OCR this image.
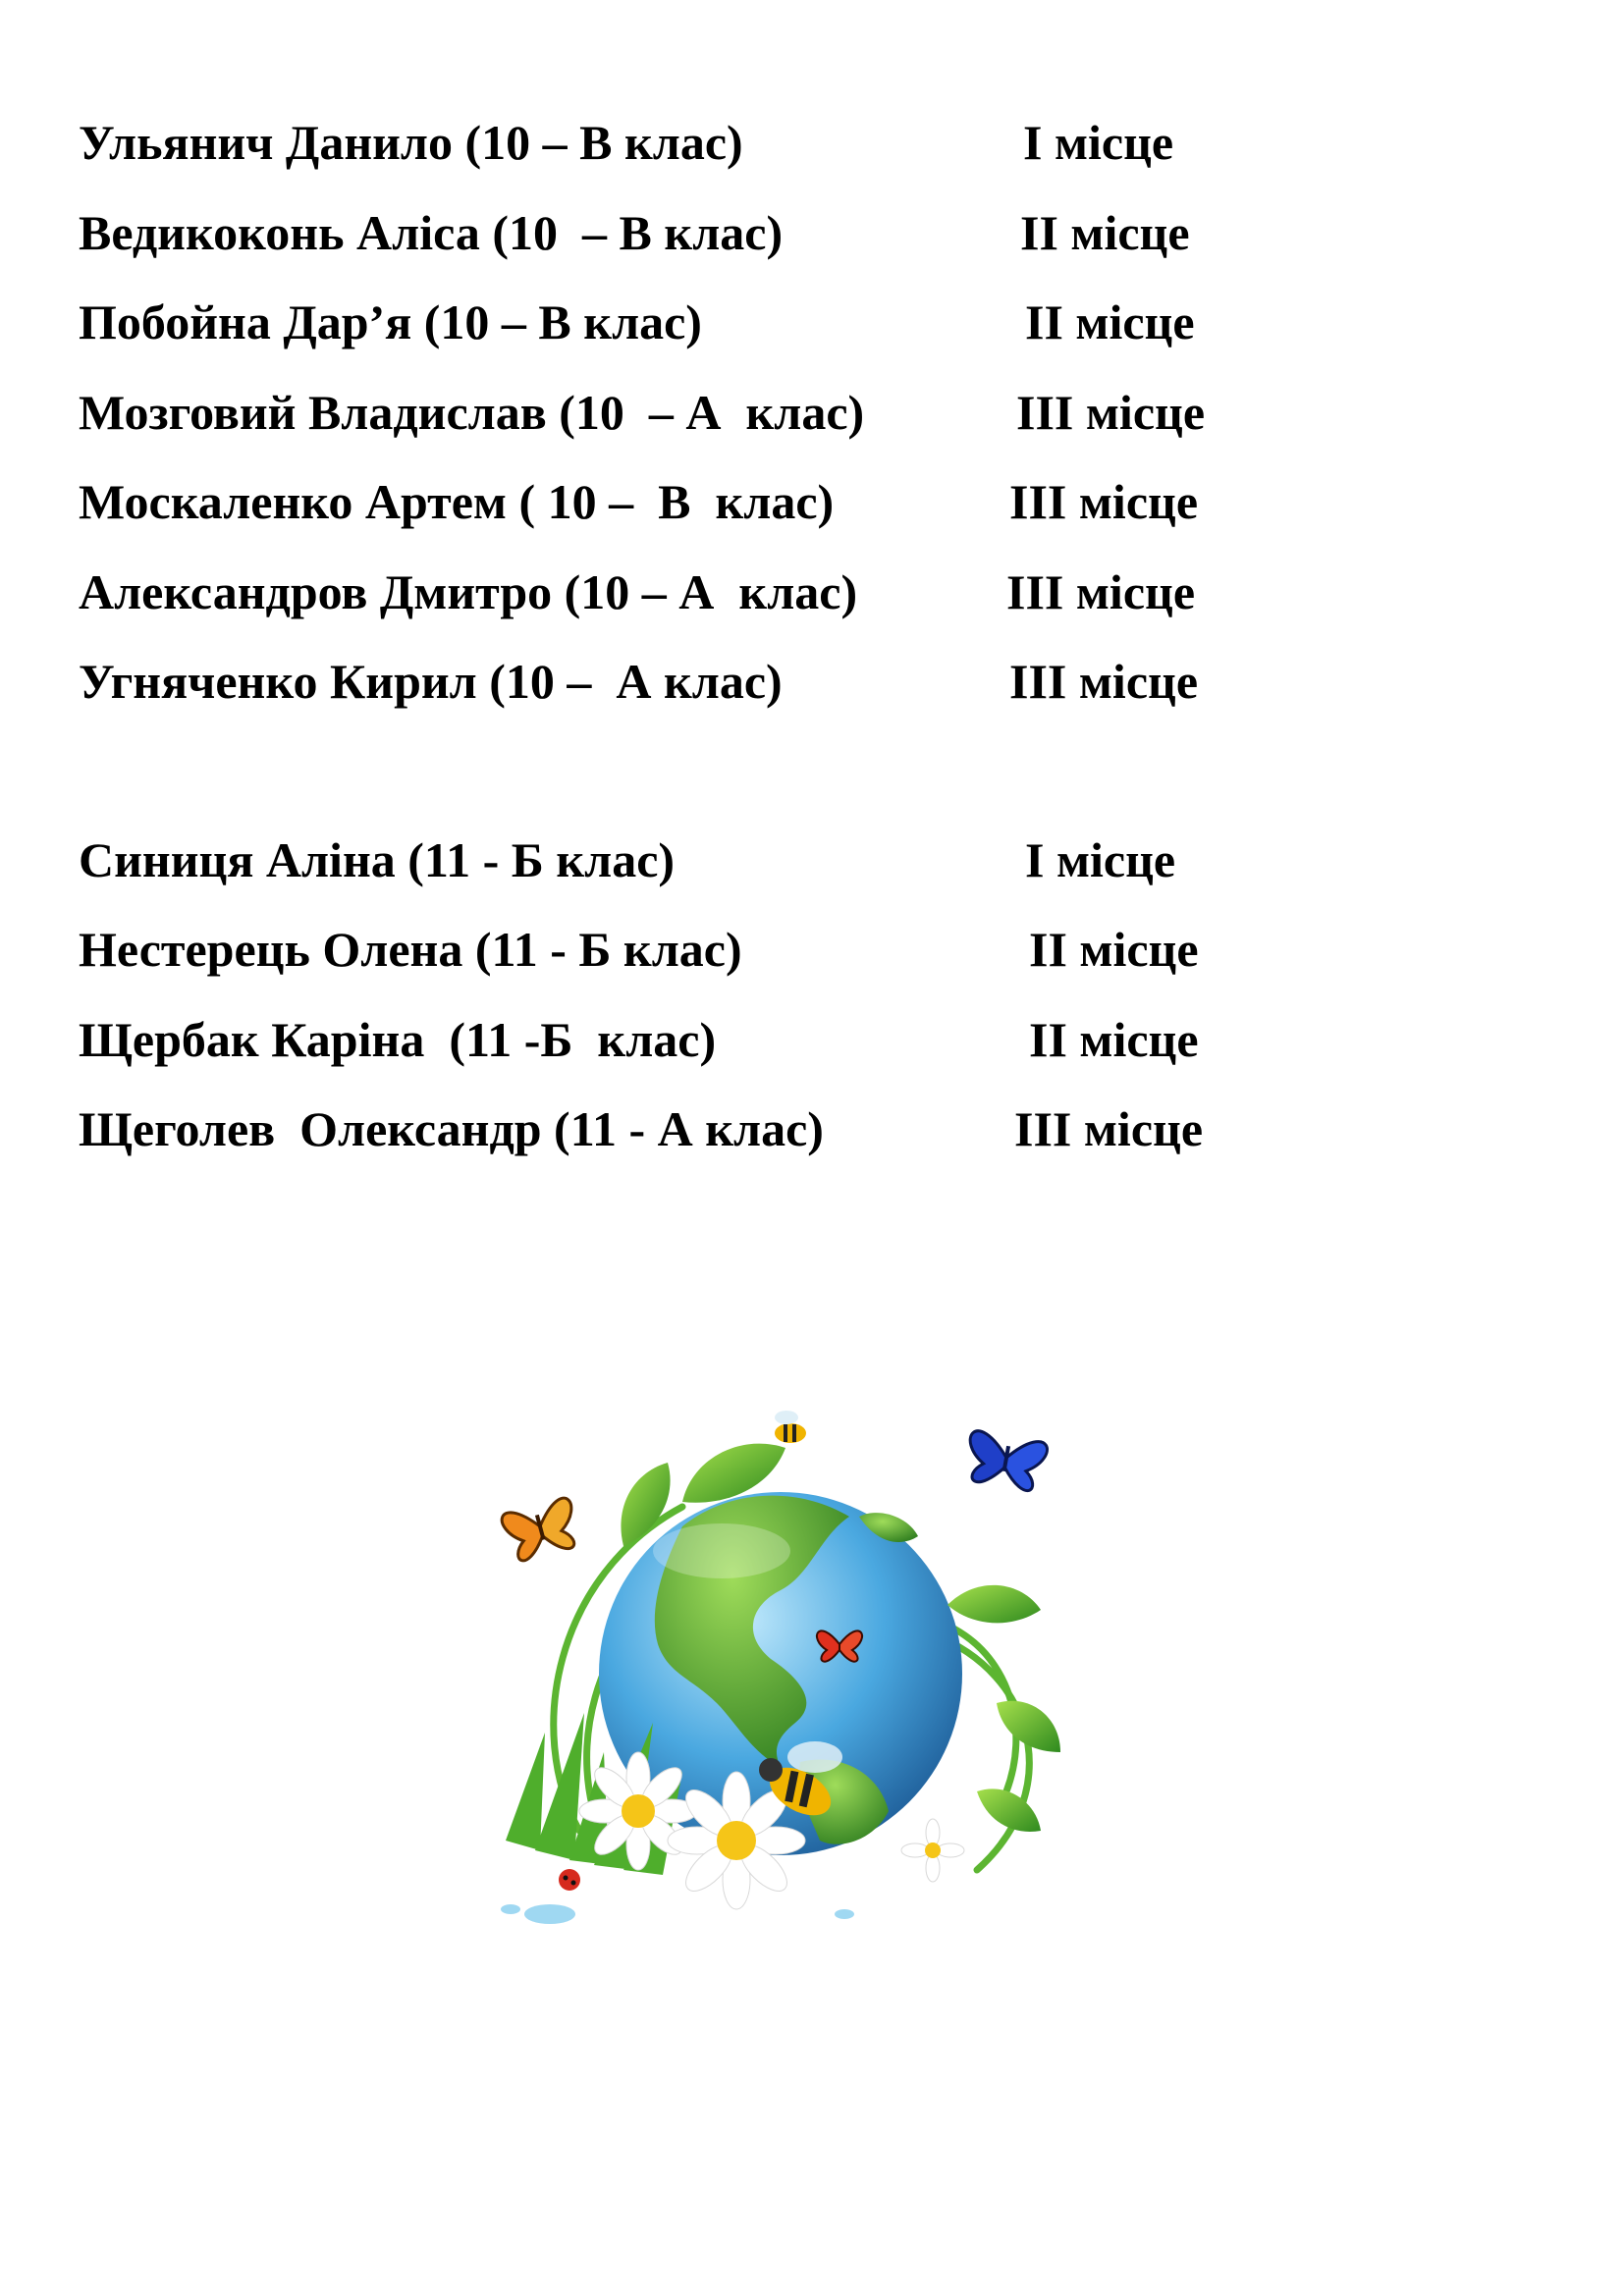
Ульянич Данило (10 – В клас)

	І місце

Ведикоконь Аліса (10  – В клас)

	ІІ місце

Побойна Дар’я (10 – В клас)

	ІІ місце

Мозговий Владислав (10  – А  клас)

	ІІІ місце

Москаленко Артем ( 10 –  В  клас)

	ІІІ місце

Александров Дмитро (10 – А  клас)

	ІІІ місце

Угняченко Кирил (10 –  А клас)

	ІІІ місце

Синиця Аліна (11 - Б клас)

	І місце

Нестерець Олена (11 - Б клас)

	ІІ місце

Щербак Каріна  (11 -Б  клас)

	ІІ місце

Щеголев  Олександр (11 - А клас)

	ІІІ місце
